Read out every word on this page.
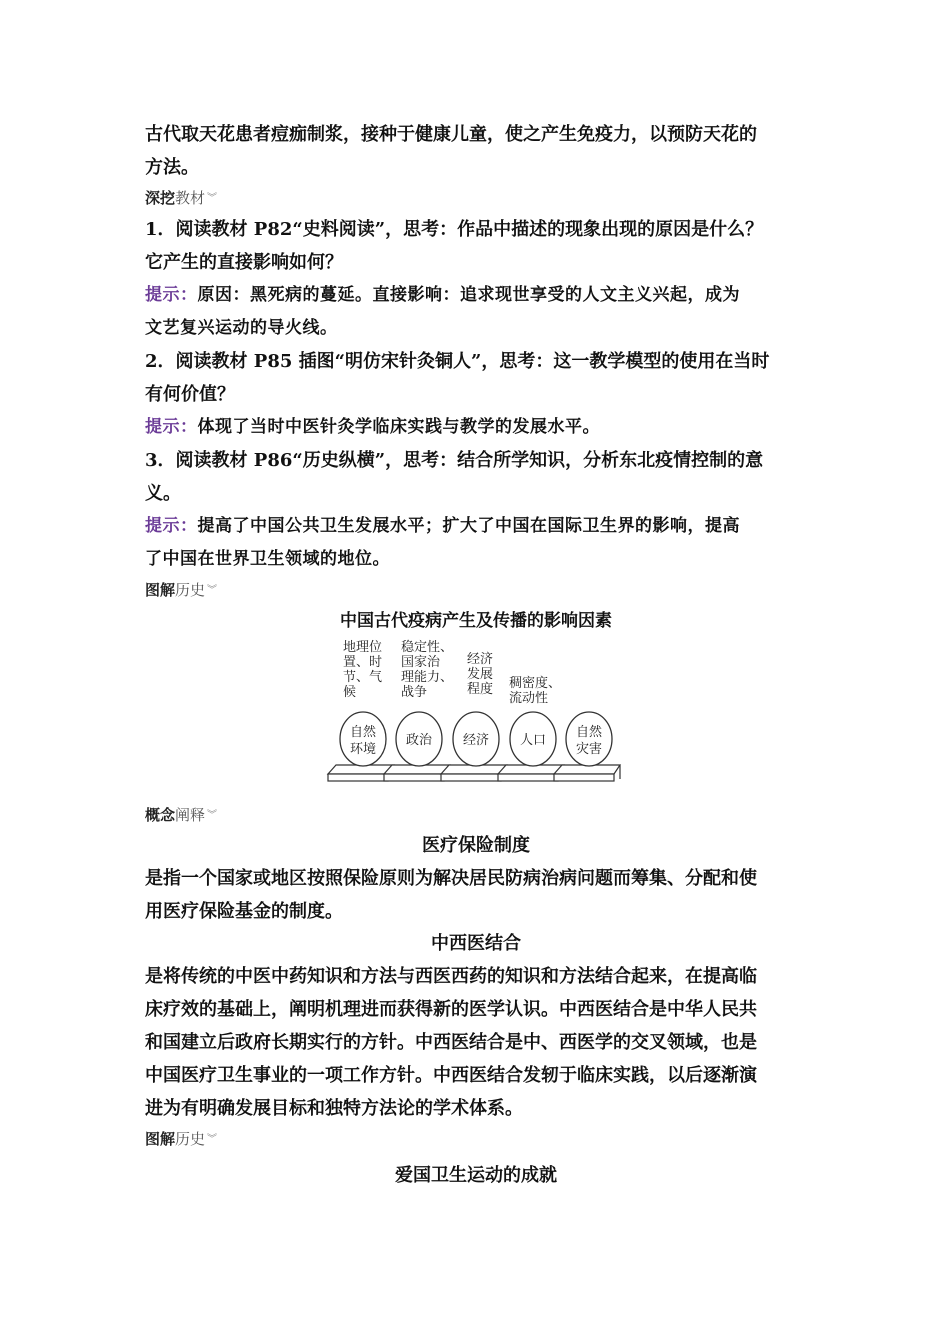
古代取天花患者痘痂制浆，接种于健康儿童，使之产生免疫力，以预防天花的

方法。

深挖教材 ︾

1．阅读教材 P82“史料阅读”，思考：作品中描述的现象出现的原因是什么？

它产生的直接影响如何？

提示：原因：黑死病的蔓延。直接影响：追求现世享受的人文主义兴起，成为

文艺复兴运动的导火线。

2．阅读教材 P85 插图“明仿宋针灸铜人”，思考：这一教学模型的使用在当时

有何价值？

提示：体现了当时中医针灸学临床实践与教学的发展水平。

3．阅读教材 P86“历史纵横”，思考：结合所学知识，分析东北疫情控制的意

义。

提示：提高了中国公共卫生发展水平；扩大了中国在国际卫生界的影响，提高

了中国在世界卫生领域的地位。

图解历史 ︾

中国古代疫病产生及传播的影响因素

自然
环境
政治 经济 人口
自然
灾害
地理位
置、时
节、气
候
稳定性、
国家治
理能力、
战争
经济
发展
程度 稠密度、
流动性

概念阐释 ︾

医疗保险制度

是指一个国家或地区按照保险原则为解决居民防病治病问题而筹集、分配和使

用医疗保险基金的制度。

中西医结合

是将传统的中医中药知识和方法与西医西药的知识和方法结合起来，在提高临

床疗效的基础上，阐明机理进而获得新的医学认识。中西医结合是中华人民共

和国建立后政府长期实行的方针。中西医结合是中、西医学的交叉领域，也是

中国医疗卫生事业的一项工作方针。中西医结合发轫于临床实践，以后逐渐演

进为有明确发展目标和独特方法论的学术体系。

图解历史 ︾

爱国卫生运动的成就
